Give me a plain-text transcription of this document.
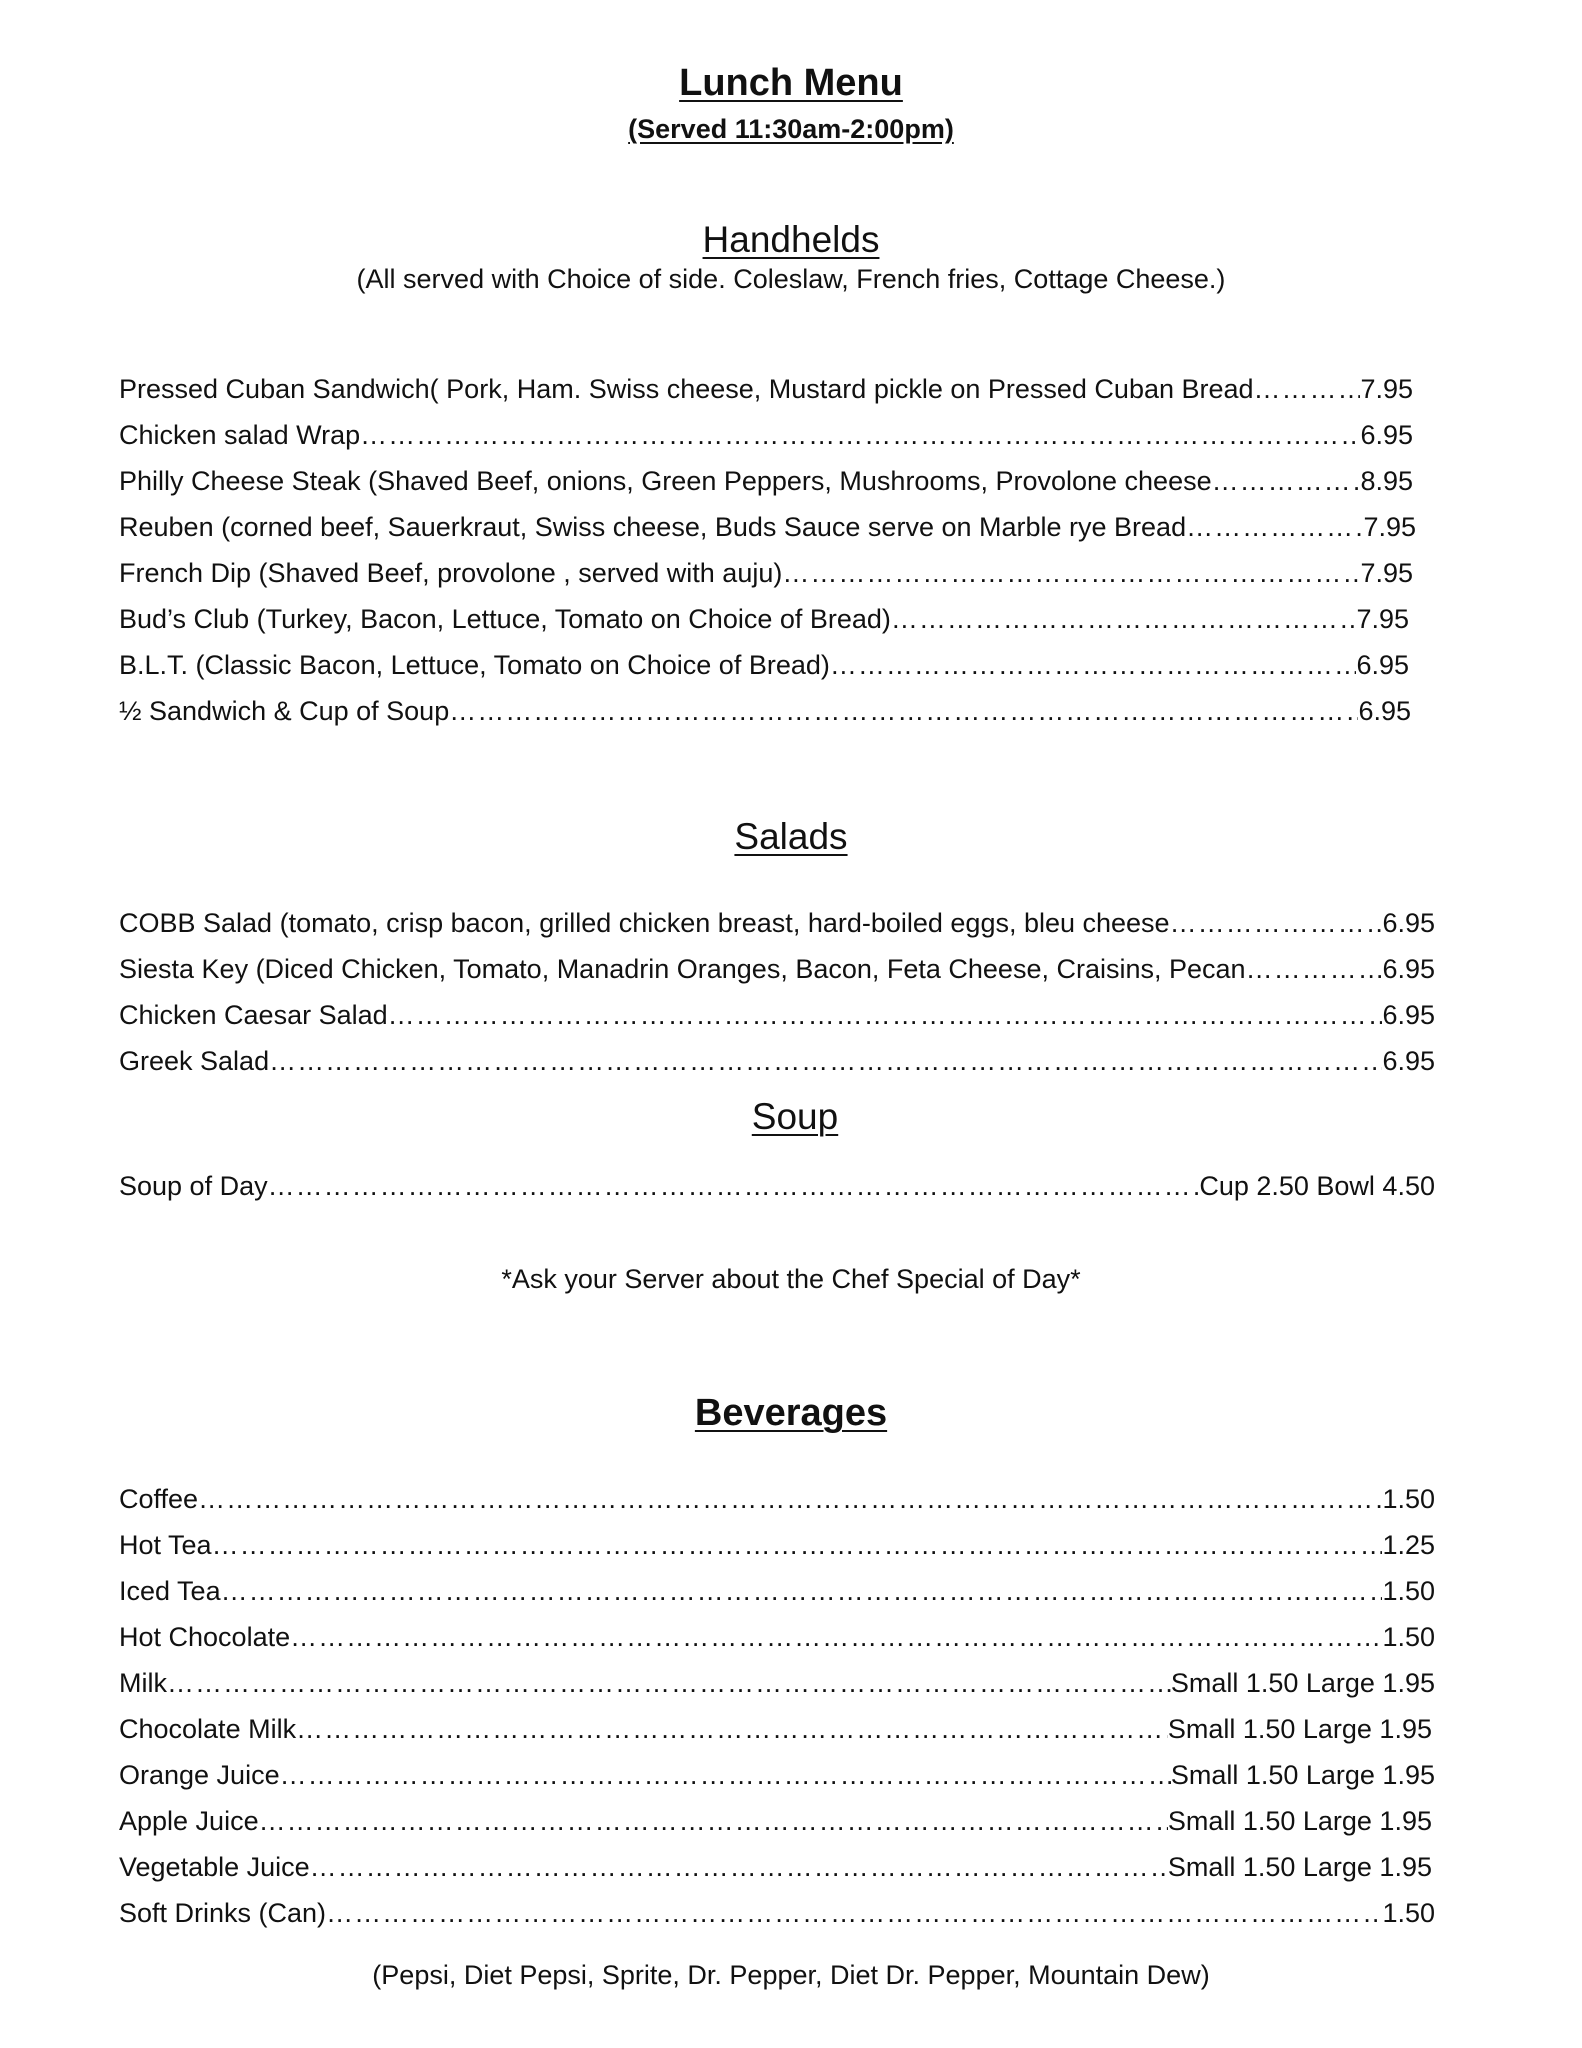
Lunch Menu
(Served 11:30am-2:00pm)
Handhelds
(All served with Choice of side. Coleslaw, French fries, Cottage Cheese.)
Pressed Cuban Sandwich( Pork, Ham. Swiss cheese, Mustard pickle on Pressed Cuban Bread ………………………………………………………………………………………………………………………………………………………………………………………………………………………………………………………………………	7.95
Chicken salad Wrap ………………………………………………………………………………………………………………………………………………………………………………………………………………………………………………………………………	6.95
Philly Cheese Steak (Shaved Beef, onions, Green Peppers, Mushrooms, Provolone cheese ………………………………………………………………………………………………………………………………………………………………………………………………………………………………………………………………………	8.95
Reuben (corned beef, Sauerkraut, Swiss cheese, Buds Sauce serve on Marble rye Bread ………………………………………………………………………………………………………………………………………………………………………………………………………………………………………………………………………	7.95
French Dip (Shaved Beef, provolone , served with auju) ………………………………………………………………………………………………………………………………………………………………………………………………………………………………………………………………………	7.95
Bud’s Club (Turkey, Bacon, Lettuce, Tomato on Choice of Bread) ………………………………………………………………………………………………………………………………………………………………………………………………………………………………………………………………………	7.95
B.L.T. (Classic Bacon, Lettuce, Tomato on Choice of Bread) ………………………………………………………………………………………………………………………………………………………………………………………………………………………………………………………………………	6.95
½ Sandwich & Cup of Soup ………………………………………………………………………………………………………………………………………………………………………………………………………………………………………………………………………	6.95
Salads
COBB Salad (tomato, crisp bacon, grilled chicken breast, hard-boiled eggs, bleu cheese ………………………………………………………………………………………………………………………………………………………………………………………………………………………………………………………………………	6.95
Siesta Key (Diced Chicken, Tomato, Manadrin Oranges, Bacon, Feta Cheese, Craisins, Pecan ………………………………………………………………………………………………………………………………………………………………………………………………………………………………………………………………………	6.95
Chicken Caesar Salad ………………………………………………………………………………………………………………………………………………………………………………………………………………………………………………………………………	6.95
Greek Salad ………………………………………………………………………………………………………………………………………………………………………………………………………………………………………………………………………	6.95
Soup
Soup of Day ………………………………………………………………………………………………………………………………………………………………………………………………………………………………………………………………………	Cup 2.50 Bowl 4.50
*Ask your Server about the Chef Special of Day*
Beverages
Coffee ………………………………………………………………………………………………………………………………………………………………………………………………………………………………………………………………………	1.50
Hot Tea ………………………………………………………………………………………………………………………………………………………………………………………………………………………………………………………………………	1.25
Iced Tea ………………………………………………………………………………………………………………………………………………………………………………………………………………………………………………………………………	1.50
Hot Chocolate ………………………………………………………………………………………………………………………………………………………………………………………………………………………………………………………………………	1.50
Milk ………………………………………………………………………………………………………………………………………………………………………………………………………………………………………………………………………	Small 1.50 Large 1.95
Chocolate Milk ………………………………………………………………………………………………………………………………………………………………………………………………………………………………………………………………………	Small 1.50 Large 1.95
Orange Juice ………………………………………………………………………………………………………………………………………………………………………………………………………………………………………………………………………	Small 1.50 Large 1.95
Apple Juice ………………………………………………………………………………………………………………………………………………………………………………………………………………………………………………………………………	Small 1.50 Large 1.95
Vegetable Juice ………………………………………………………………………………………………………………………………………………………………………………………………………………………………………………………………………	Small 1.50 Large 1.95
Soft Drinks (Can) ………………………………………………………………………………………………………………………………………………………………………………………………………………………………………………………………………	1.50
(Pepsi, Diet Pepsi, Sprite, Dr. Pepper, Diet Dr. Pepper, Mountain Dew)
